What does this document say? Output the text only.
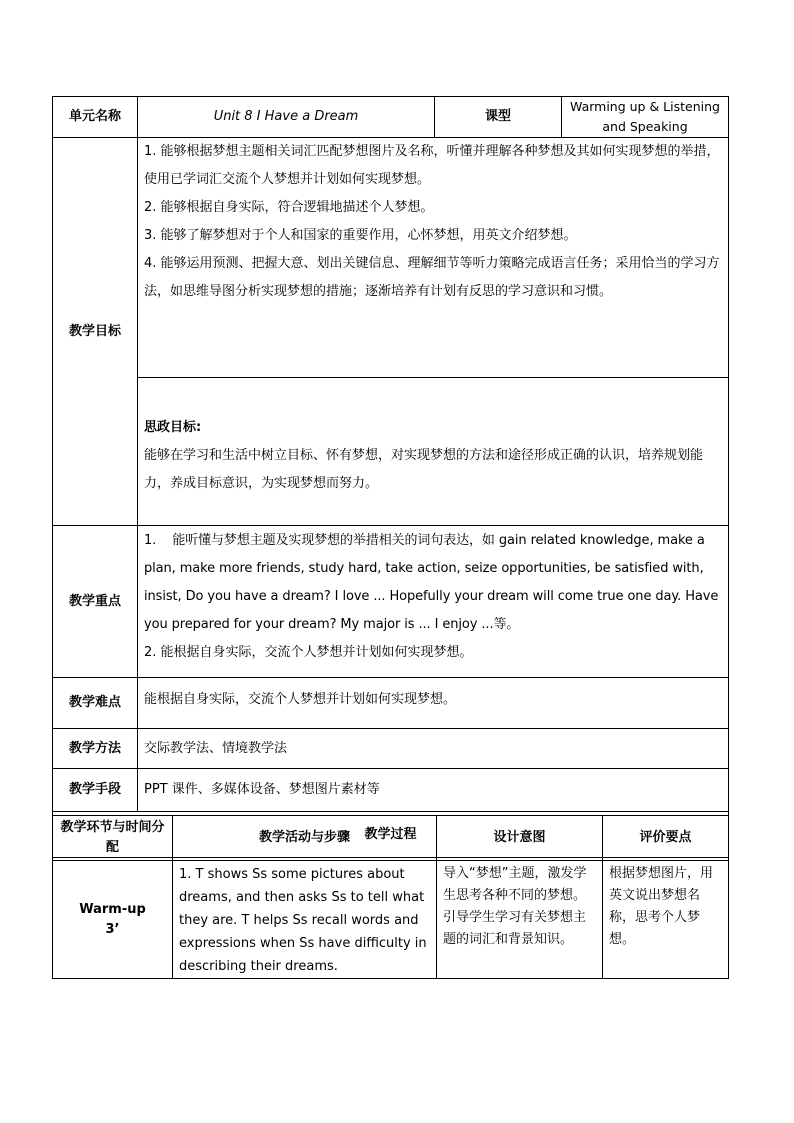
单元名称	Unit 8 I Have a Dream	课型	Warming up & Listening and Speaking
教学目标	1. 能够根据梦想主题相关词汇匹配梦想图片及名称，听懂并理解各种梦想及其如何实现梦想的举措，使用已学词汇交流个人梦想并计划如何实现梦想。

2. 能够根据自身实际，符合逻辑地描述个人梦想。

3. 能够了解梦想对于个人和国家的重要作用，心怀梦想，用英文介绍梦想。

4. 能够运用预测、把握大意、划出关键信息、理解细节等听力策略完成语言任务；采用恰当的学习方法，如思维导图分析实现梦想的措施；逐渐培养有计划有反思的学习意识和习惯。		

	思政目标:

能够在学习和生活中树立目标、怀有梦想，对实现梦想的方法和途径形成正确的认识，培养规划能力，养成目标意识，为实现梦想而努力。		

教学重点	1.    能听懂与梦想主题及实现梦想的举措相关的词句表达，如 gain related knowledge, make a plan, make more friends, study hard, take action, seize opportunities, be satisfied with, insist, Do you have a dream? I love ... Hopefully your dream will come true one day. Have you prepared for your dream? My major is ... I enjoy ...等。

2. 能根据自身实际，交流个人梦想并计划如何实现梦想。		

教学难点	能根据自身实际，交流个人梦想并计划如何实现梦想。		
教学方法	交际教学法、情境教学法		
教学手段	PPT 课件、多媒体设备、梦想图片素材等		
教学过程			
教学环节与时间分配	教学活动与步骤	设计意图	评价要点

Warm-up
3’	1. T shows Ss some pictures about dreams, and then asks Ss to tell what they are. T helps Ss recall words and expressions when Ss have difficulty in describing their dreams.	导入“梦想”主题，激发学生思考各种不同的梦想。引导学生学习有关梦想主题的词汇和背景知识。	根据梦想图片，用英文说出梦想名称，思考个人梦想。
